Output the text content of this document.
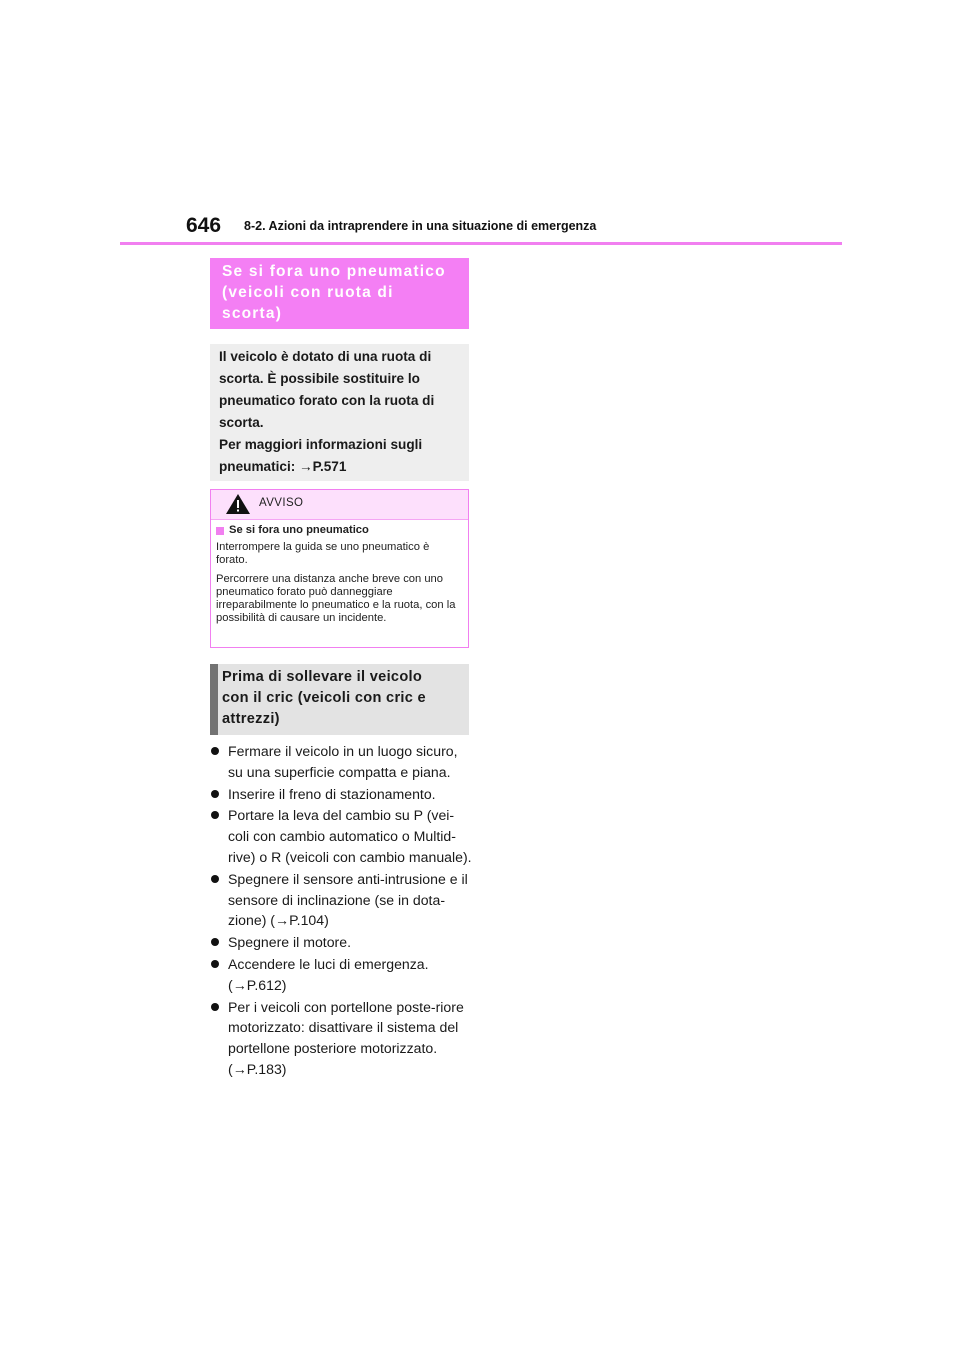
646 8-2. Azioni da intraprendere in una situazione di emergenza
Se si fora uno pneumatico
(veicoli con ruota di
scorta)

Il veicolo è dotato di una ruota di

scorta. È possibile sostituire lo

pneumatico forato con la ruota di

scorta.

Per maggiori informazioni sugli

pneumatici: →P.571

AVVISO

Se si fora uno pneumatico

Interrompere la guida se uno pneumatico è forato.

Percorrere una distanza anche breve con uno pneumatico forato può danneggiare irreparabilmente lo pneumatico e la ruota, con la possibilità di causare un incidente.

Prima di sollevare il veicolo
con il cric (veicoli con cric e
attrezzi)
Fermare il veicolo in un luogo sicuro, su una superficie compatta e piana.
Inserire il freno di stazionamento.
Portare la leva del cambio su P (vei-coli con cambio automatico o Multid-rive) o R (veicoli con cambio manuale).
Spegnere il sensore anti-intrusione e il sensore di inclinazione (se in dota-zione) (→P.104)
Spegnere il motore.
Accendere le luci di emergenza. (→P.612)
Per i veicoli con portellone poste-riore motorizzato: disattivare il sistema del portellone posteriore motorizzato. (→P.183)
